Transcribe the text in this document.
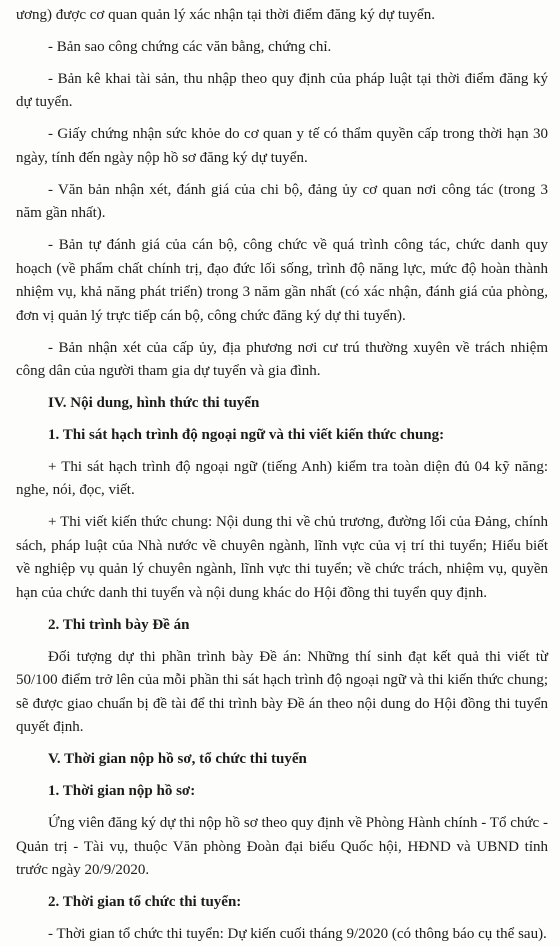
ương) được cơ quan quản lý xác nhận tại thời điểm đăng ký dự tuyển.

- Bản sao công chứng các văn bằng, chứng chỉ.

- Bản kê khai tài sản, thu nhập theo quy định của pháp luật tại thời điểm đăng ký dự tuyển.

- Giấy chứng nhận sức khỏe do cơ quan y tế có thẩm quyền cấp trong thời hạn 30 ngày, tính đến ngày nộp hồ sơ đăng ký dự tuyển.

- Văn bản nhận xét, đánh giá của chi bộ, đảng ủy cơ quan nơi công tác (trong 3 năm gần nhất).

- Bản tự đánh giá của cán bộ, công chức về quá trình công tác, chức danh quy hoạch (về phẩm chất chính trị, đạo đức lối sống, trình độ năng lực, mức độ hoàn thành nhiệm vụ, khả năng phát triển) trong 3 năm gần nhất (có xác nhận, đánh giá của phòng, đơn vị quản lý trực tiếp cán bộ, công chức đăng ký dự thi tuyển).

- Bản nhận xét của cấp ủy, địa phương nơi cư trú thường xuyên về trách nhiệm công dân của người tham gia dự tuyển và gia đình.

IV. Nội dung, hình thức thi tuyển

1. Thi sát hạch trình độ ngoại ngữ và thi viết kiến thức chung:

+ Thi sát hạch trình độ ngoại ngữ (tiếng Anh) kiểm tra toàn diện đủ 04 kỹ năng: nghe, nói, đọc, viết.

+ Thi viết kiến thức chung: Nội dung thi về chủ trương, đường lối của Đảng, chính sách, pháp luật của Nhà nước về chuyên ngành, lĩnh vực của vị trí thi tuyển; Hiểu biết về nghiệp vụ quản lý chuyên ngành, lĩnh vực thi tuyển; về chức trách, nhiệm vụ, quyền hạn của chức danh thi tuyển và nội dung khác do Hội đồng thi tuyển quy định.

2. Thi trình bày Đề án

Đối tượng dự thi phần trình bày Đề án: Những thí sinh đạt kết quả thi viết từ 50/100 điểm trở lên của mỗi phần thi sát hạch trình độ ngoại ngữ và thi kiến thức chung; sẽ được giao chuẩn bị đề tài để thi trình bày Đề án theo nội dung do Hội đồng thi tuyển quyết định.

V. Thời gian nộp hồ sơ, tổ chức thi tuyển

1. Thời gian nộp hồ sơ:

Ứng viên đăng ký dự thi nộp hồ sơ theo quy định về Phòng Hành chính - Tổ chức - Quản trị - Tài vụ, thuộc Văn phòng Đoàn đại biểu Quốc hội, HĐND và UBND tỉnh trước ngày 20/9/2020.

2. Thời gian tổ chức thi tuyển:

- Thời gian tổ chức thi tuyển: Dự kiến cuối tháng 9/2020 (có thông báo cụ thể sau).
